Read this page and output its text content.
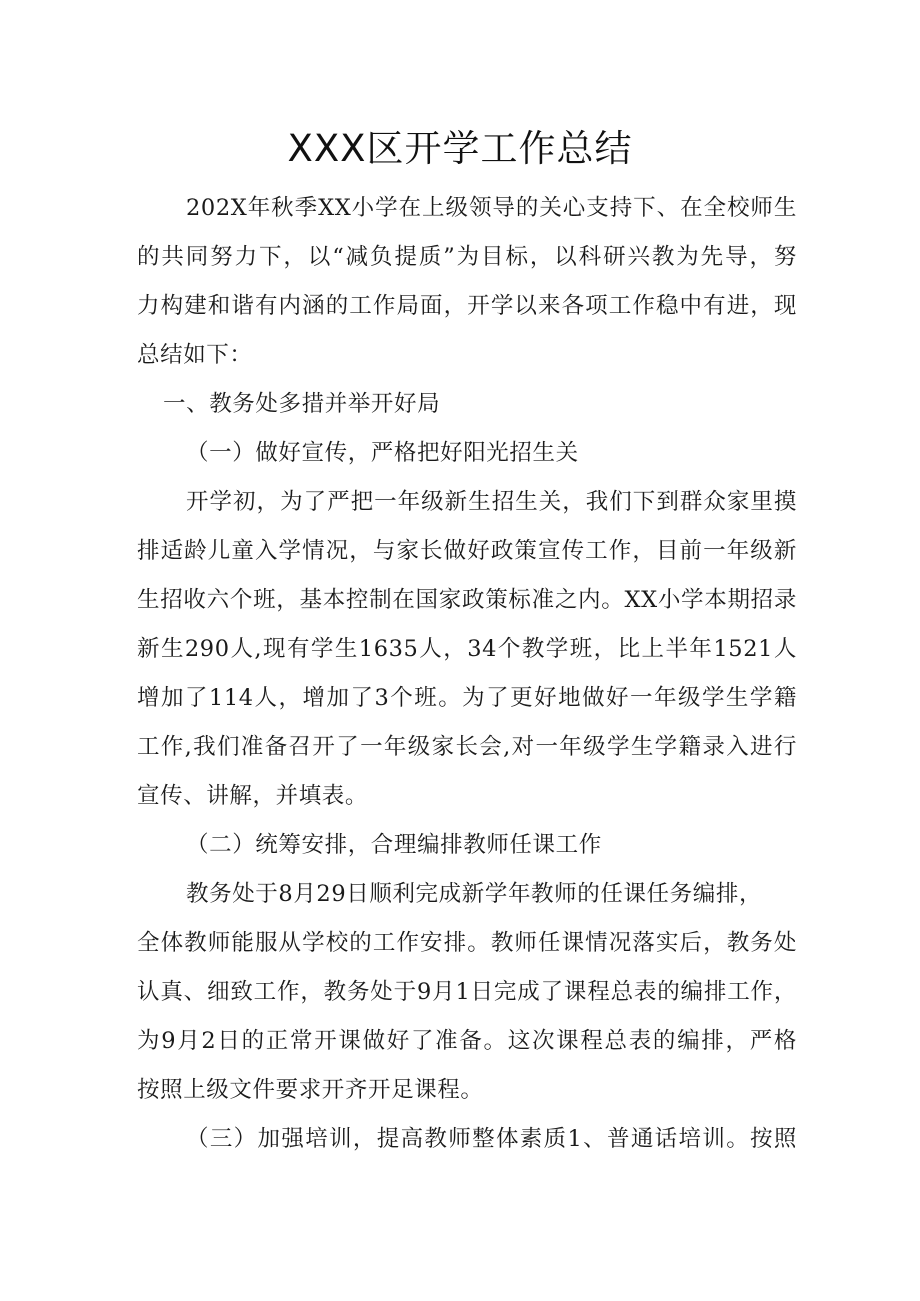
XXX区开学工作总结

202X年秋季XX小学在上级领导的关心支持下、在全校师生

的共同努力下，以“减负提质”为目标，以科研兴教为先导，努

力构建和谐有内涵的工作局面，开学以来各项工作稳中有进，现

总结如下：

一、教务处多措并举开好局

（一）做好宣传，严格把好阳光招生关

开学初，为了严把一年级新生招生关，我们下到群众家里摸

排适龄儿童入学情况，与家长做好政策宣传工作，目前一年级新

生招收六个班，基本控制在国家政策标准之内。XX小学本期招录

新生290人,现有学生1635人，34个教学班，比上半年1521人

增加了114人，增加了3个班。为了更好地做好一年级学生学籍

工作,我们准备召开了一年级家长会,对一年级学生学籍录入进行

宣传、讲解，并填表。

（二）统筹安排，合理编排教师任课工作

教务处于8月29日顺利完成新学年教师的任课任务编排，

全体教师能服从学校的工作安排。教师任课情况落实后，教务处

认真、细致工作，教务处于9月1日完成了课程总表的编排工作，

为9月2日的正常开课做好了准备。这次课程总表的编排，严格

按照上级文件要求开齐开足课程。

（三）加强培训，提高教师整体素质1、普通话培训。按照
